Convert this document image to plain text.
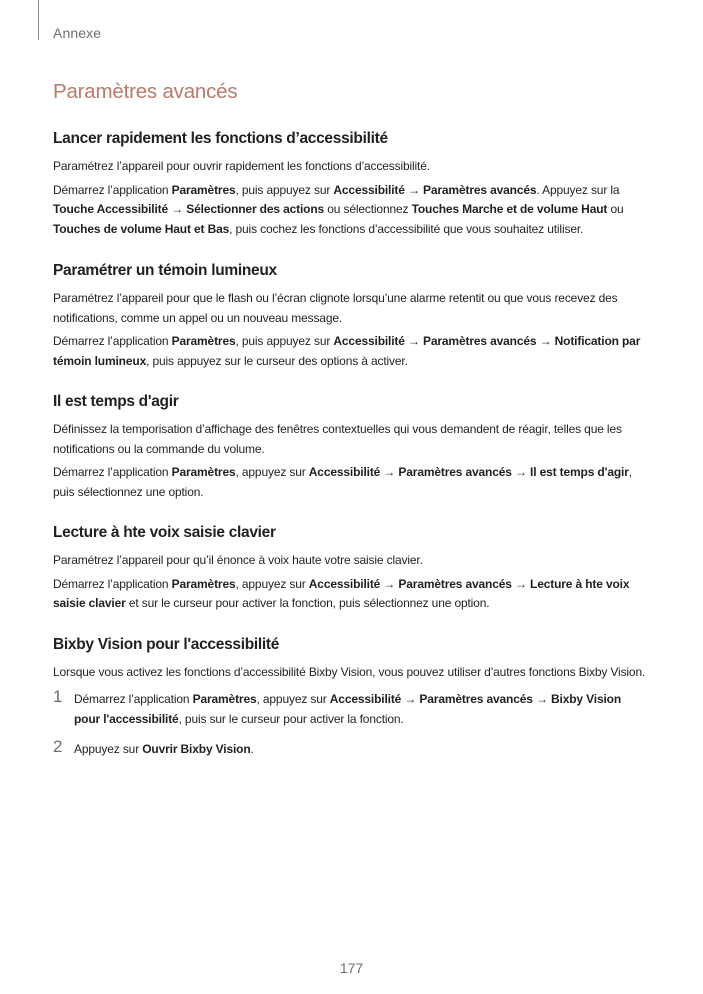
Annexe
Paramètres avancés
Lancer rapidement les fonctions d’accessibilité

Paramétrez l’appareil pour ouvrir rapidement les fonctions d’accessibilité.

Démarrez l’application Paramètres, puis appuyez sur Accessibilité → Paramètres avancés. Appuyez sur la Touche Accessibilité → Sélectionner des actions ou sélectionnez Touches Marche et de volume Haut ou Touches de volume Haut et Bas, puis cochez les fonctions d’accessibilité que vous souhaitez utiliser.

Paramétrer un témoin lumineux

Paramétrez l’appareil pour que le flash ou l’écran clignote lorsqu’une alarme retentit ou que vous recevez des notifications, comme un appel ou un nouveau message.

Démarrez l’application Paramètres, puis appuyez sur Accessibilité → Paramètres avancés → Notification par témoin lumineux, puis appuyez sur le curseur des options à activer.

Il est temps d'agir

Définissez la temporisation d’affichage des fenêtres contextuelles qui vous demandent de réagir, telles que les notifications ou la commande du volume.

Démarrez l’application Paramètres, appuyez sur Accessibilité → Paramètres avancés → Il est temps d'agir, puis sélectionnez une option.

Lecture à hte voix saisie clavier

Paramétrez l’appareil pour qu’il énonce à voix haute votre saisie clavier.

Démarrez l’application Paramètres, appuyez sur Accessibilité → Paramètres avancés → Lecture à hte voix saisie clavier et sur le curseur pour activer la fonction, puis sélectionnez une option.

Bixby Vision pour l'accessibilité

Lorsque vous activez les fonctions d’accessibilité Bixby Vision, vous pouvez utiliser d’autres fonctions Bixby Vision.

1 Démarrez l’application Paramètres, appuyez sur Accessibilité → Paramètres avancés → Bixby Vision pour l'accessibilité, puis sur le curseur pour activer la fonction.
2 Appuyez sur Ouvrir Bixby Vision.
177
